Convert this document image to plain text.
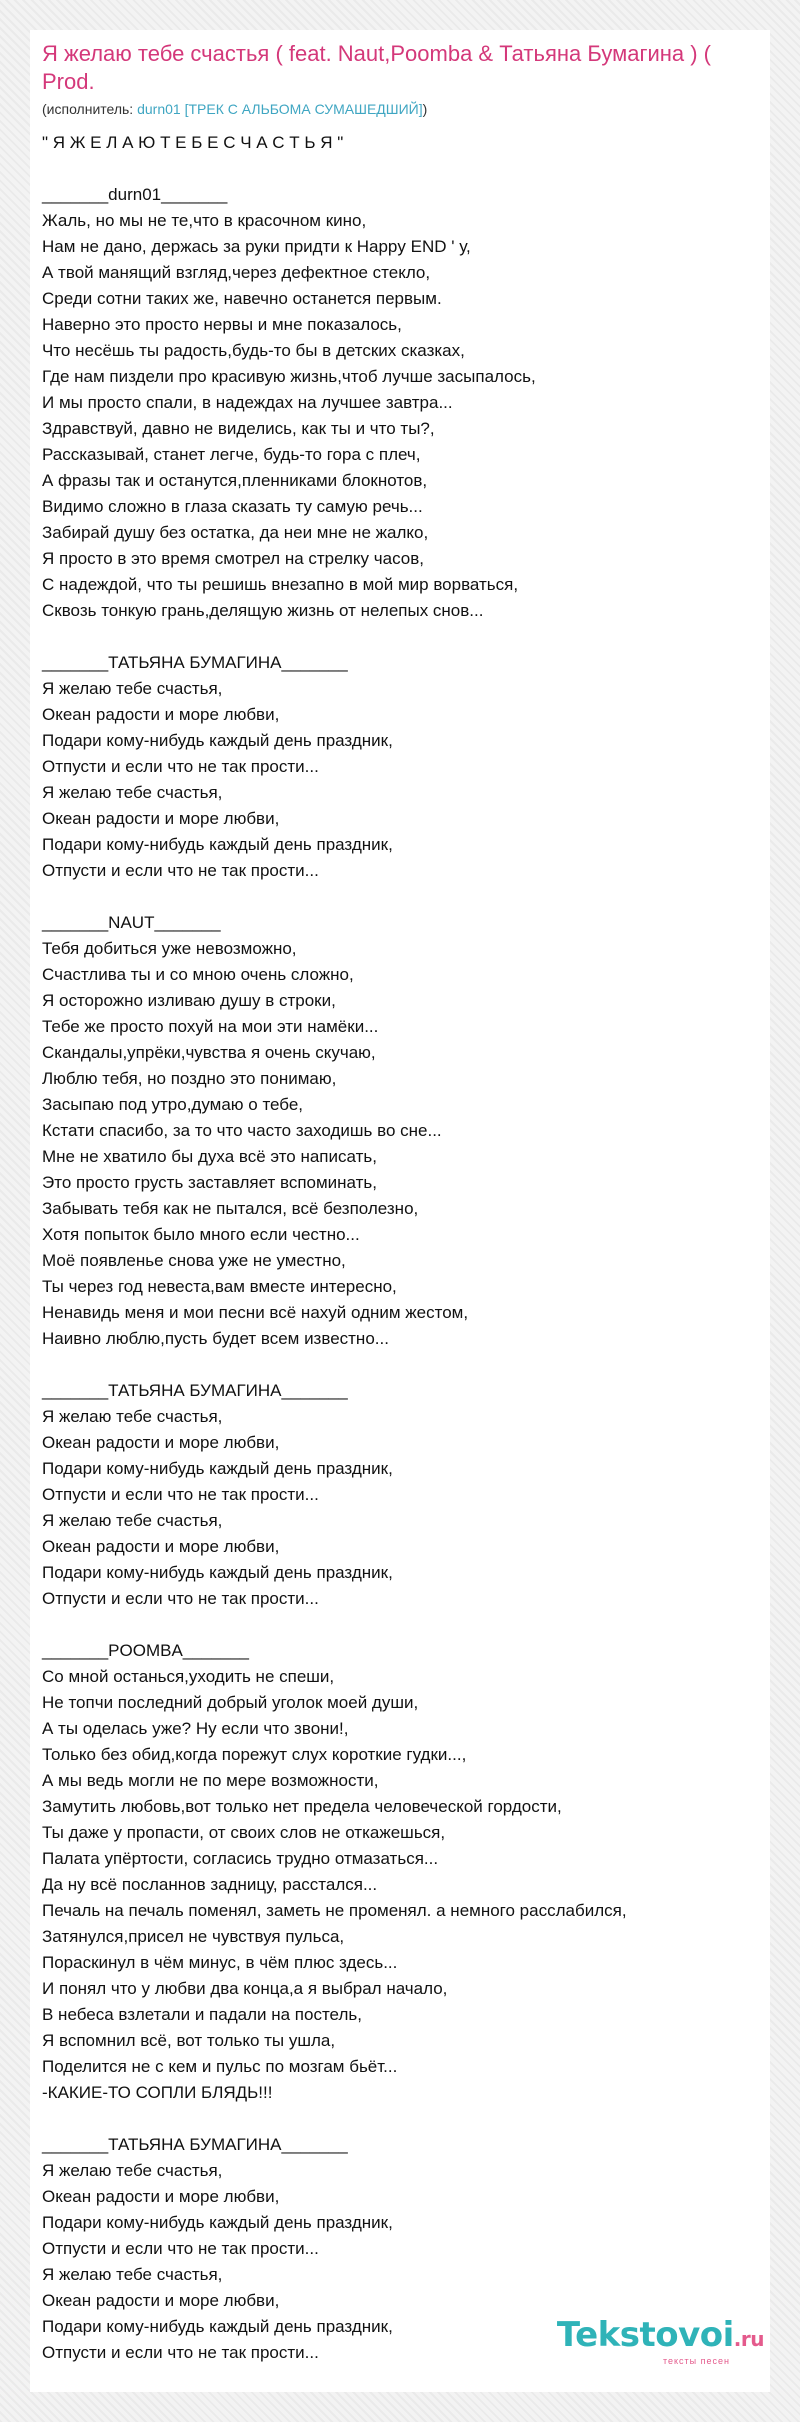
Я желаю тебе счастья ( feat. Naut,Poomba & Татьяна Бумагина ) ( Prod.
(исполнитель: durn01 [ТРЕК С АЛЬБОМА СУМАШЕДШИЙ])
" Я Ж Е Л А Ю Т Е Б Е С Ч А С Т Ь Я "
_______durn01_______
Жаль, но мы не те,что в красочном кино,
Нам не дано, держась за руки придти к Happy END ' у,
А твой манящий взгляд,через дефектное стекло,
Среди сотни таких же, навечно останется первым.
Наверно это просто нервы и мне показалось,
Что несёшь ты радость,будь-то бы в детских сказках,
Где нам пиздели про красивую жизнь,чтоб лучше засыпалось,
И мы просто спали, в надеждах на лучшее завтра...
Здравствуй, давно не виделись, как ты и что ты?,
Рассказывай, станет легче, будь-то гора с плеч,
А фразы так и останутся,пленниками блокнотов,
Видимо сложно в глаза сказать ту самую речь...
Забирай душу без остатка, да неи мне не жалко,
Я просто в это время смотрел на стрелку часов,
С надеждой, что ты решишь внезапно в мой мир ворваться,
Сквозь тонкую грань,делящую жизнь от нелепых снов...
_______ТАТЬЯНА БУМАГИНА_______
Я желаю тебе счастья,
Океан радости и море любви,
Подари кому-нибудь каждый день праздник,
Отпусти и если что не так прости...
Я желаю тебе счастья,
Океан радости и море любви,
Подари кому-нибудь каждый день праздник,
Отпусти и если что не так прости...
_______NAUT_______
Тебя добиться уже невозможно,
Счастлива ты и со мною очень сложно,
Я осторожно изливаю душу в строки,
Тебе же просто похуй на мои эти намёки...
Скандалы,упрёки,чувства я очень скучаю,
Люблю тебя, но поздно это понимаю,
Засыпаю под утро,думаю о тебе,
Кстати спасибо, за то что часто заходишь во сне...
Мне не хватило бы духа всё это написать,
Это просто грусть заставляет вспоминать,
Забывать тебя как не пытался, всё безполезно,
Хотя попыток было много если честно...
Моё появленье снова уже не уместно,
Ты через год невеста,вам вместе интересно,
Ненавидь меня и мои песни всё нахуй одним жестом,
Наивно люблю,пусть будет всем известно...
_______ТАТЬЯНА БУМАГИНА_______
Я желаю тебе счастья,
Океан радости и море любви,
Подари кому-нибудь каждый день праздник,
Отпусти и если что не так прости...
Я желаю тебе счастья,
Океан радости и море любви,
Подари кому-нибудь каждый день праздник,
Отпусти и если что не так прости...
_______POOMBA_______
Со мной останься,уходить не спеши,
Не топчи последний добрый уголок моей души,
А ты оделась уже? Ну если что звони!,
Только без обид,когда порежут слух короткие гудки...,
А мы ведь могли не по мере возможности,
Замутить любовь,вот только нет предела человеческой гордости,
Ты даже у пропасти, от своих слов не откажешься,
Палата упёртости, согласись трудно отмазаться...
Да ну всё посланнов задницу, расстался...
Печаль на печаль поменял, заметь не променял. а немного расслабился,
Затянулся,присел не чувствуя пульса,
Пораскинул в чём минус, в чём плюс здесь...
И понял что у любви два конца,а я выбрал начало,
В небеса взлетали и падали на постель,
Я вспомнил всё, вот только ты ушла,
Поделится не с кем и пульс по мозгам бьёт...
-КАКИЕ-ТО СОПЛИ БЛЯДЬ!!!
_______ТАТЬЯНА БУМАГИНА_______
Я желаю тебе счастья,
Океан радости и море любви,
Подари кому-нибудь каждый день праздник,
Отпусти и если что не так прости...
Я желаю тебе счастья,
Океан радости и море любви,
Подари кому-нибудь каждый день праздник,
Отпусти и если что не так прости...	Tekstovoi.ru
тексты песен
